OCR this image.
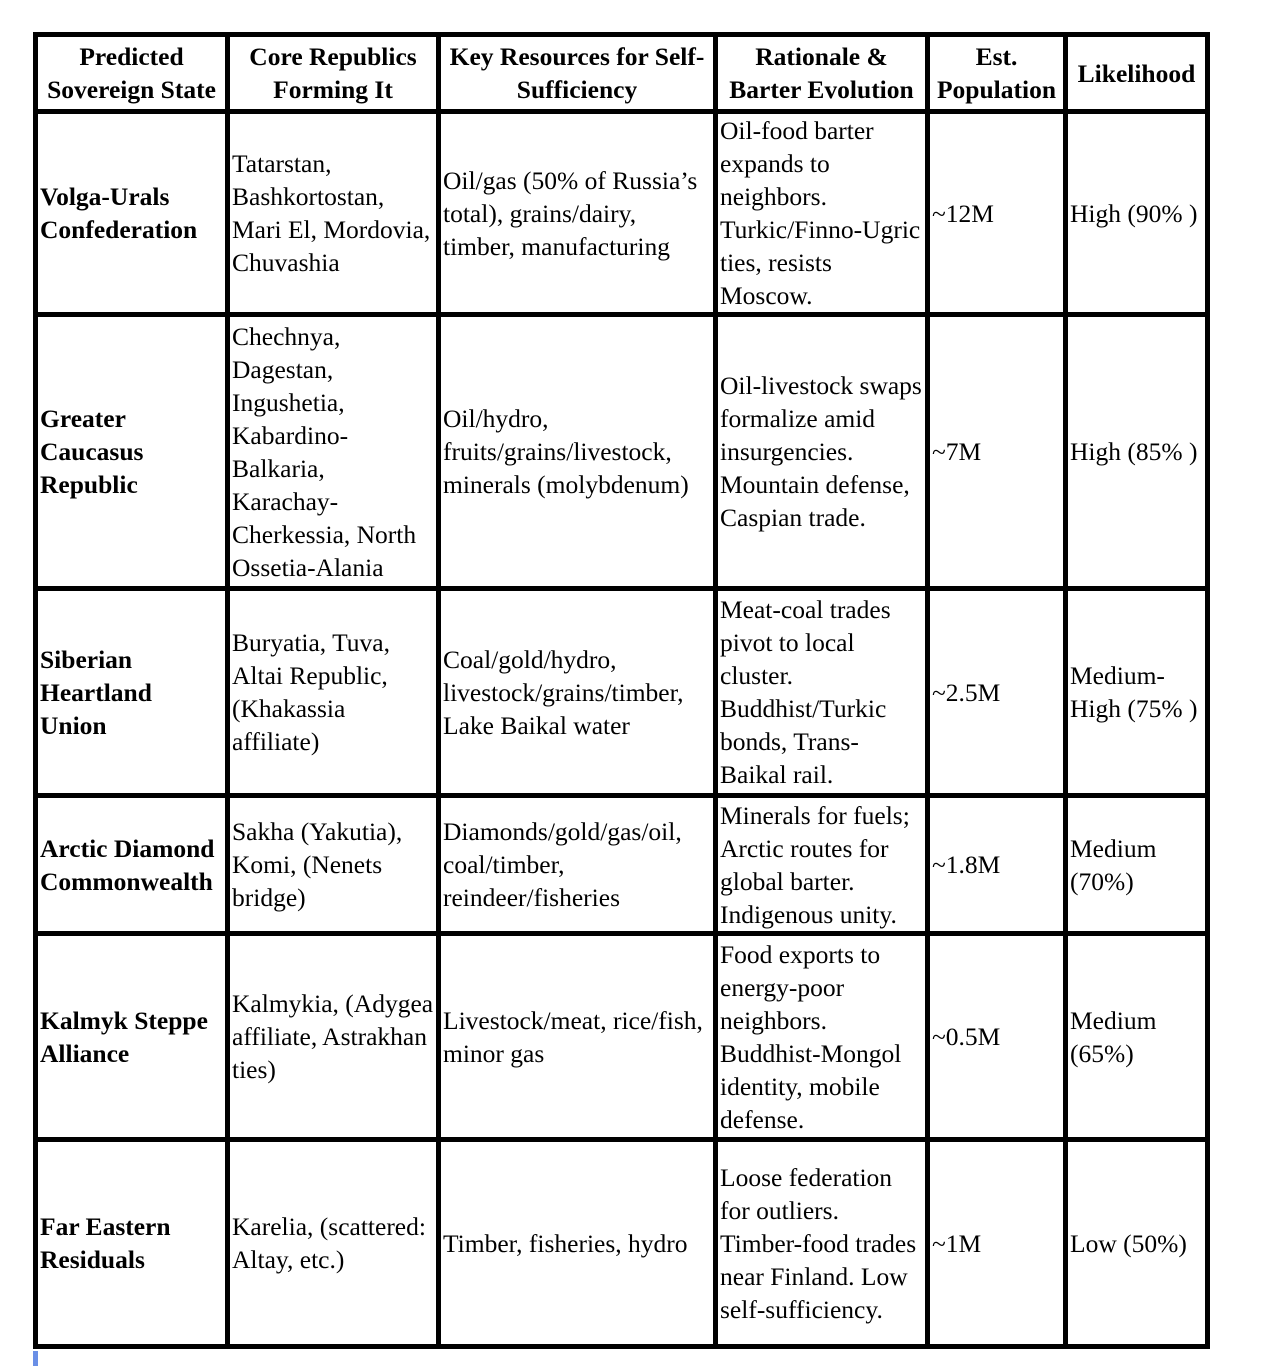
Predicted Sovereign State	Core Republics Forming It	Key Resources for Self-Sufficiency	Rationale & Barter Evolution	Est. Population	Likelihood
Volga-Urals Confederation	Tatarstan, Bashkortostan, Mari El, Mordovia, Chuvashia	Oil/gas (50% of Russia’s total), grains/dairy, timber, manufacturing	Oil-food barter expands to neighbors. Turkic/Finno-Ugric ties, resists Moscow.	~12M	High (90% )
Greater Caucasus Republic	Chechnya, Dagestan, Ingushetia, Kabardino-Balkaria, Karachay-Cherkessia, North Ossetia-Alania	Oil/hydro, fruits/grains/livestock, minerals (molybdenum)	Oil-livestock swaps formalize amid insurgencies. Mountain defense, Caspian trade.	~7M	High (85% )
Siberian Heartland Union	Buryatia, Tuva, Altai Republic, (Khakassia affiliate)	Coal/gold/hydro, livestock/grains/timber, Lake Baikal water	Meat-coal trades pivot to local cluster. Buddhist/Turkic bonds, Trans-Baikal rail.	~2.5M	Medium-High (75% )
Arctic Diamond Commonwealth	Sakha (Yakutia), Komi, (Nenets bridge)	Diamonds/gold/gas/oil, coal/timber, reindeer/fisheries	Minerals for fuels; Arctic routes for global barter. Indigenous unity.	~1.8M	Medium (70%)
Kalmyk Steppe Alliance	Kalmykia, (Adygea affiliate, Astrakhan ties)	Livestock/meat, rice/fish, minor gas	Food exports to energy-poor neighbors. Buddhist-Mongol identity, mobile defense.	~0.5M	Medium (65%)
Far Eastern Residuals	Karelia, (scattered: Altay, etc.)	Timber, fisheries, hydro	Loose federation for outliers. Timber-food trades near Finland. Low self-sufficiency.	~1M	Low (50%)
